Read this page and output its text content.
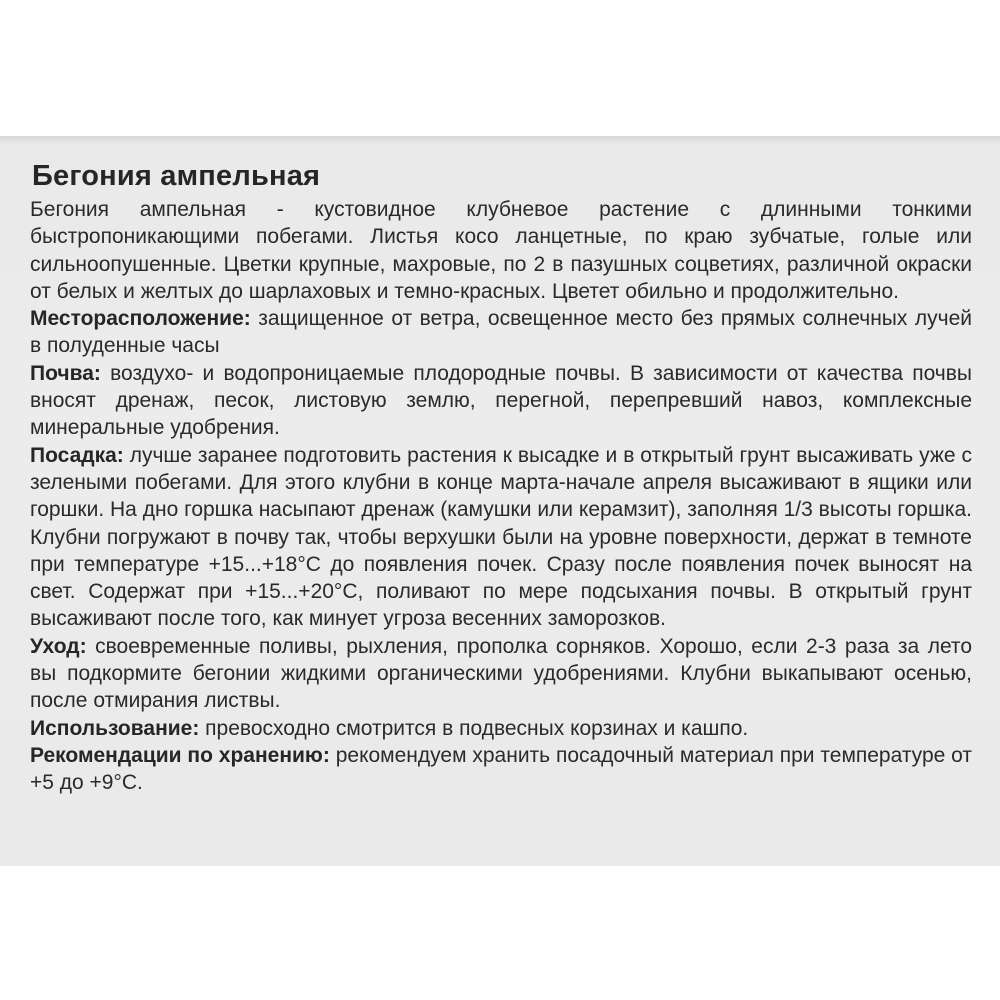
Бегония ампельная

Бегония ампельная - кустовидное клубневое растение с длинными тонкими быстропоникающими побегами. Листья косо ланцетные, по краю зубчатые, голые или сильноопушенные. Цветки крупные, махровые, по 2 в пазушных соцветиях, различной окраски от белых и желтых до шарлаховых и темно-красных. Цветет обильно и продолжительно.

Месторасположение: защищенное от ветра, освещенное место без прямых солнечных лучей в полуденные часы

Почва: воздухо- и водопроницаемые плодородные почвы. В зависимости от качества почвы вносят дренаж, песок, листовую землю, перегной, перепревший навоз, комплексные минеральные удобрения.

Посадка: лучше заранее подготовить растения к высадке и в открытый грунт высаживать уже с зелеными побегами. Для этого клубни в конце марта-начале апреля высаживают в ящики или горшки. На дно горшка насыпают дренаж (камушки или керамзит), заполняя 1/3 высоты горшка. Клубни погружают в почву так, чтобы верхушки были на уровне поверхности, держат в темноте при температуре +15...+18°С до появления почек. Сразу после появления почек выносят на свет. Содержат при +15...+20°С, поливают по мере подсыхания почвы. В открытый грунт высаживают после того, как минует угроза весенних заморозков.

Уход: своевременные поливы, рыхления, прополка сорняков. Хорошо, если 2-3 раза за лето вы подкормите бегонии жидкими органическими удобрениями. Клубни выкапывают осенью, после отмирания листвы.

Использование: превосходно смотрится в подвесных корзинах и кашпо.

Рекомендации по хранению: рекомендуем хранить посадочный материал при температуре от +5 до +9°С.
